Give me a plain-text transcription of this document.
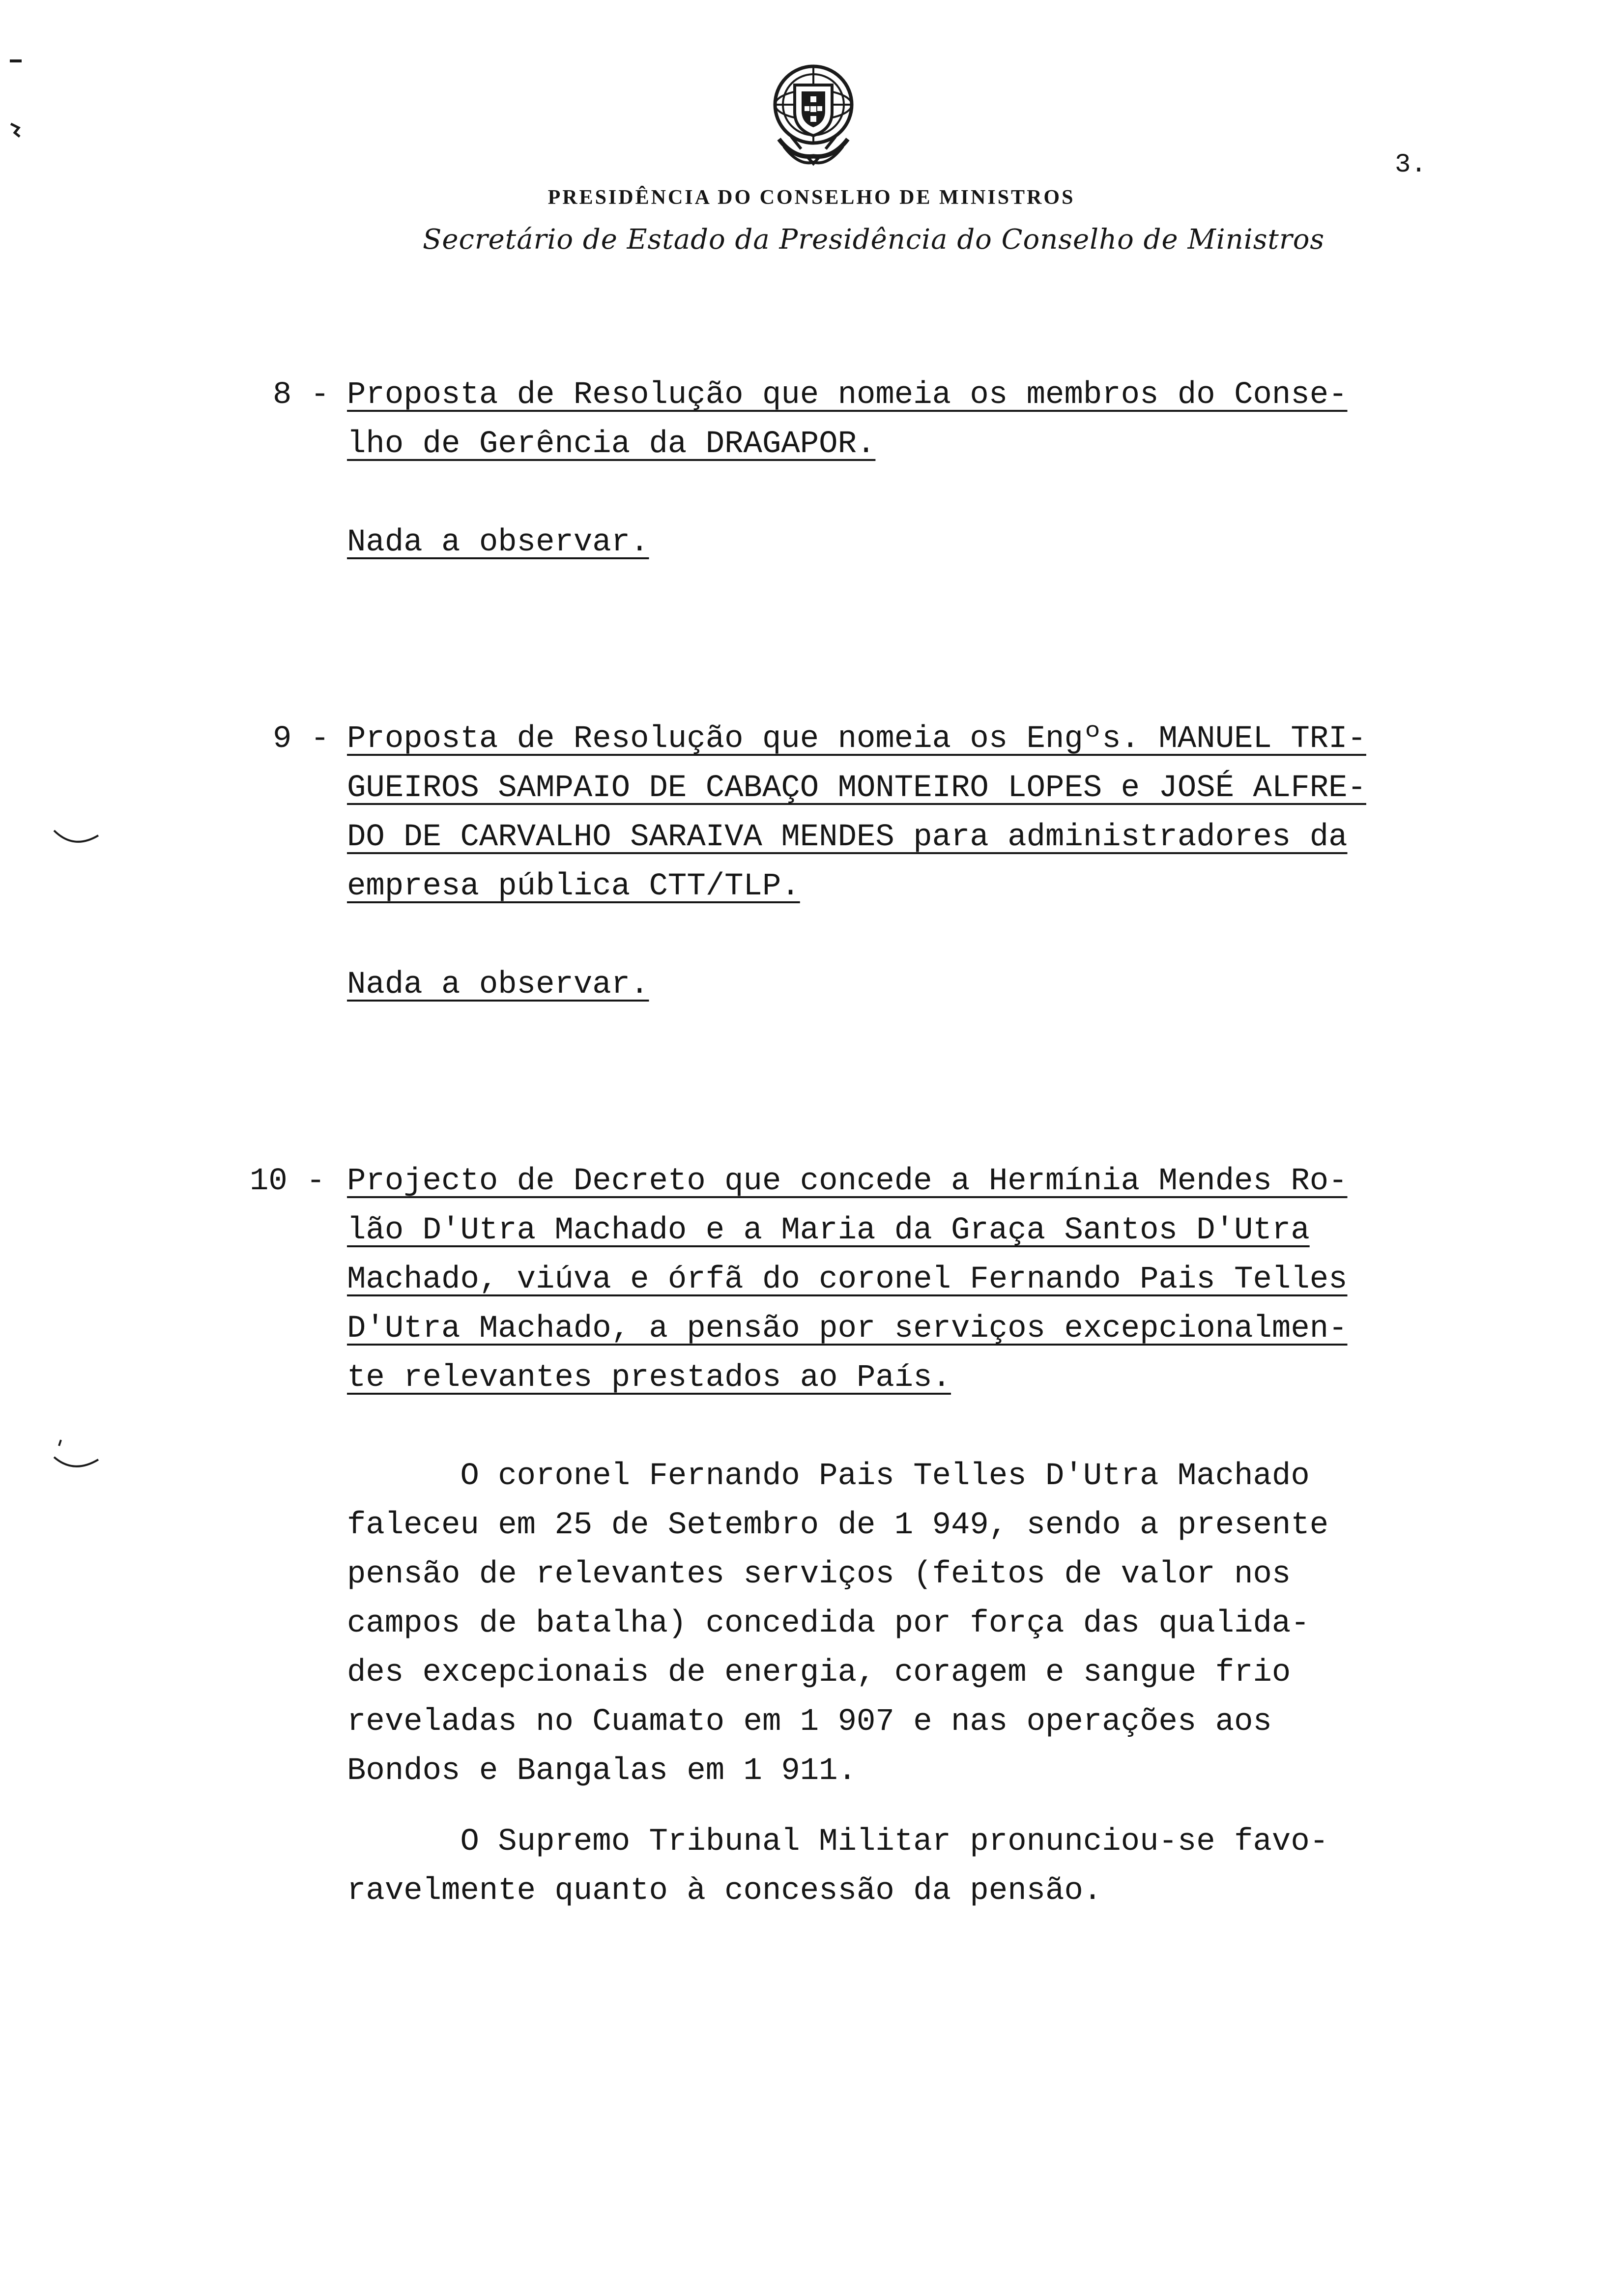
PRESIDÊNCIA DO CONSELHO DE MINISTROS
Secretário de Estado da Presidência do Conselho de Ministros
3.
8 - Proposta de Resolução que nomeia os membros do Conse-
lho de Gerência da DRAGAPOR.
Nada a observar.
9 - Proposta de Resolução que nomeia os Engºs. MANUEL TRI-
GUEIROS SAMPAIO DE CABAÇO MONTEIRO LOPES e JOSÉ ALFRE-
DO DE CARVALHO SARAIVA MENDES para administradores da
empresa pública CTT/TLP.
Nada a observar.
10 - Projecto de Decreto que concede a Hermínia Mendes Ro-
lão D'Utra Machado e a Maria da Graça Santos D'Utra
Machado, viúva e órfã do coronel Fernando Pais Telles
D'Utra Machado, a pensão por serviços excepcionalmen-
te relevantes prestados ao País.
O coronel Fernando Pais Telles D'Utra Machado
faleceu em 25 de Setembro de 1 949, sendo a presente
pensão de relevantes serviços (feitos de valor nos
campos de batalha) concedida por força das qualida-
des excepcionais de energia, coragem e sangue frio
reveladas no Cuamato em 1 907 e nas operações aos
Bondos e Bangalas em 1 911.
O Supremo Tribunal Militar pronunciou-se favo-
ravelmente quanto à concessão da pensão.
